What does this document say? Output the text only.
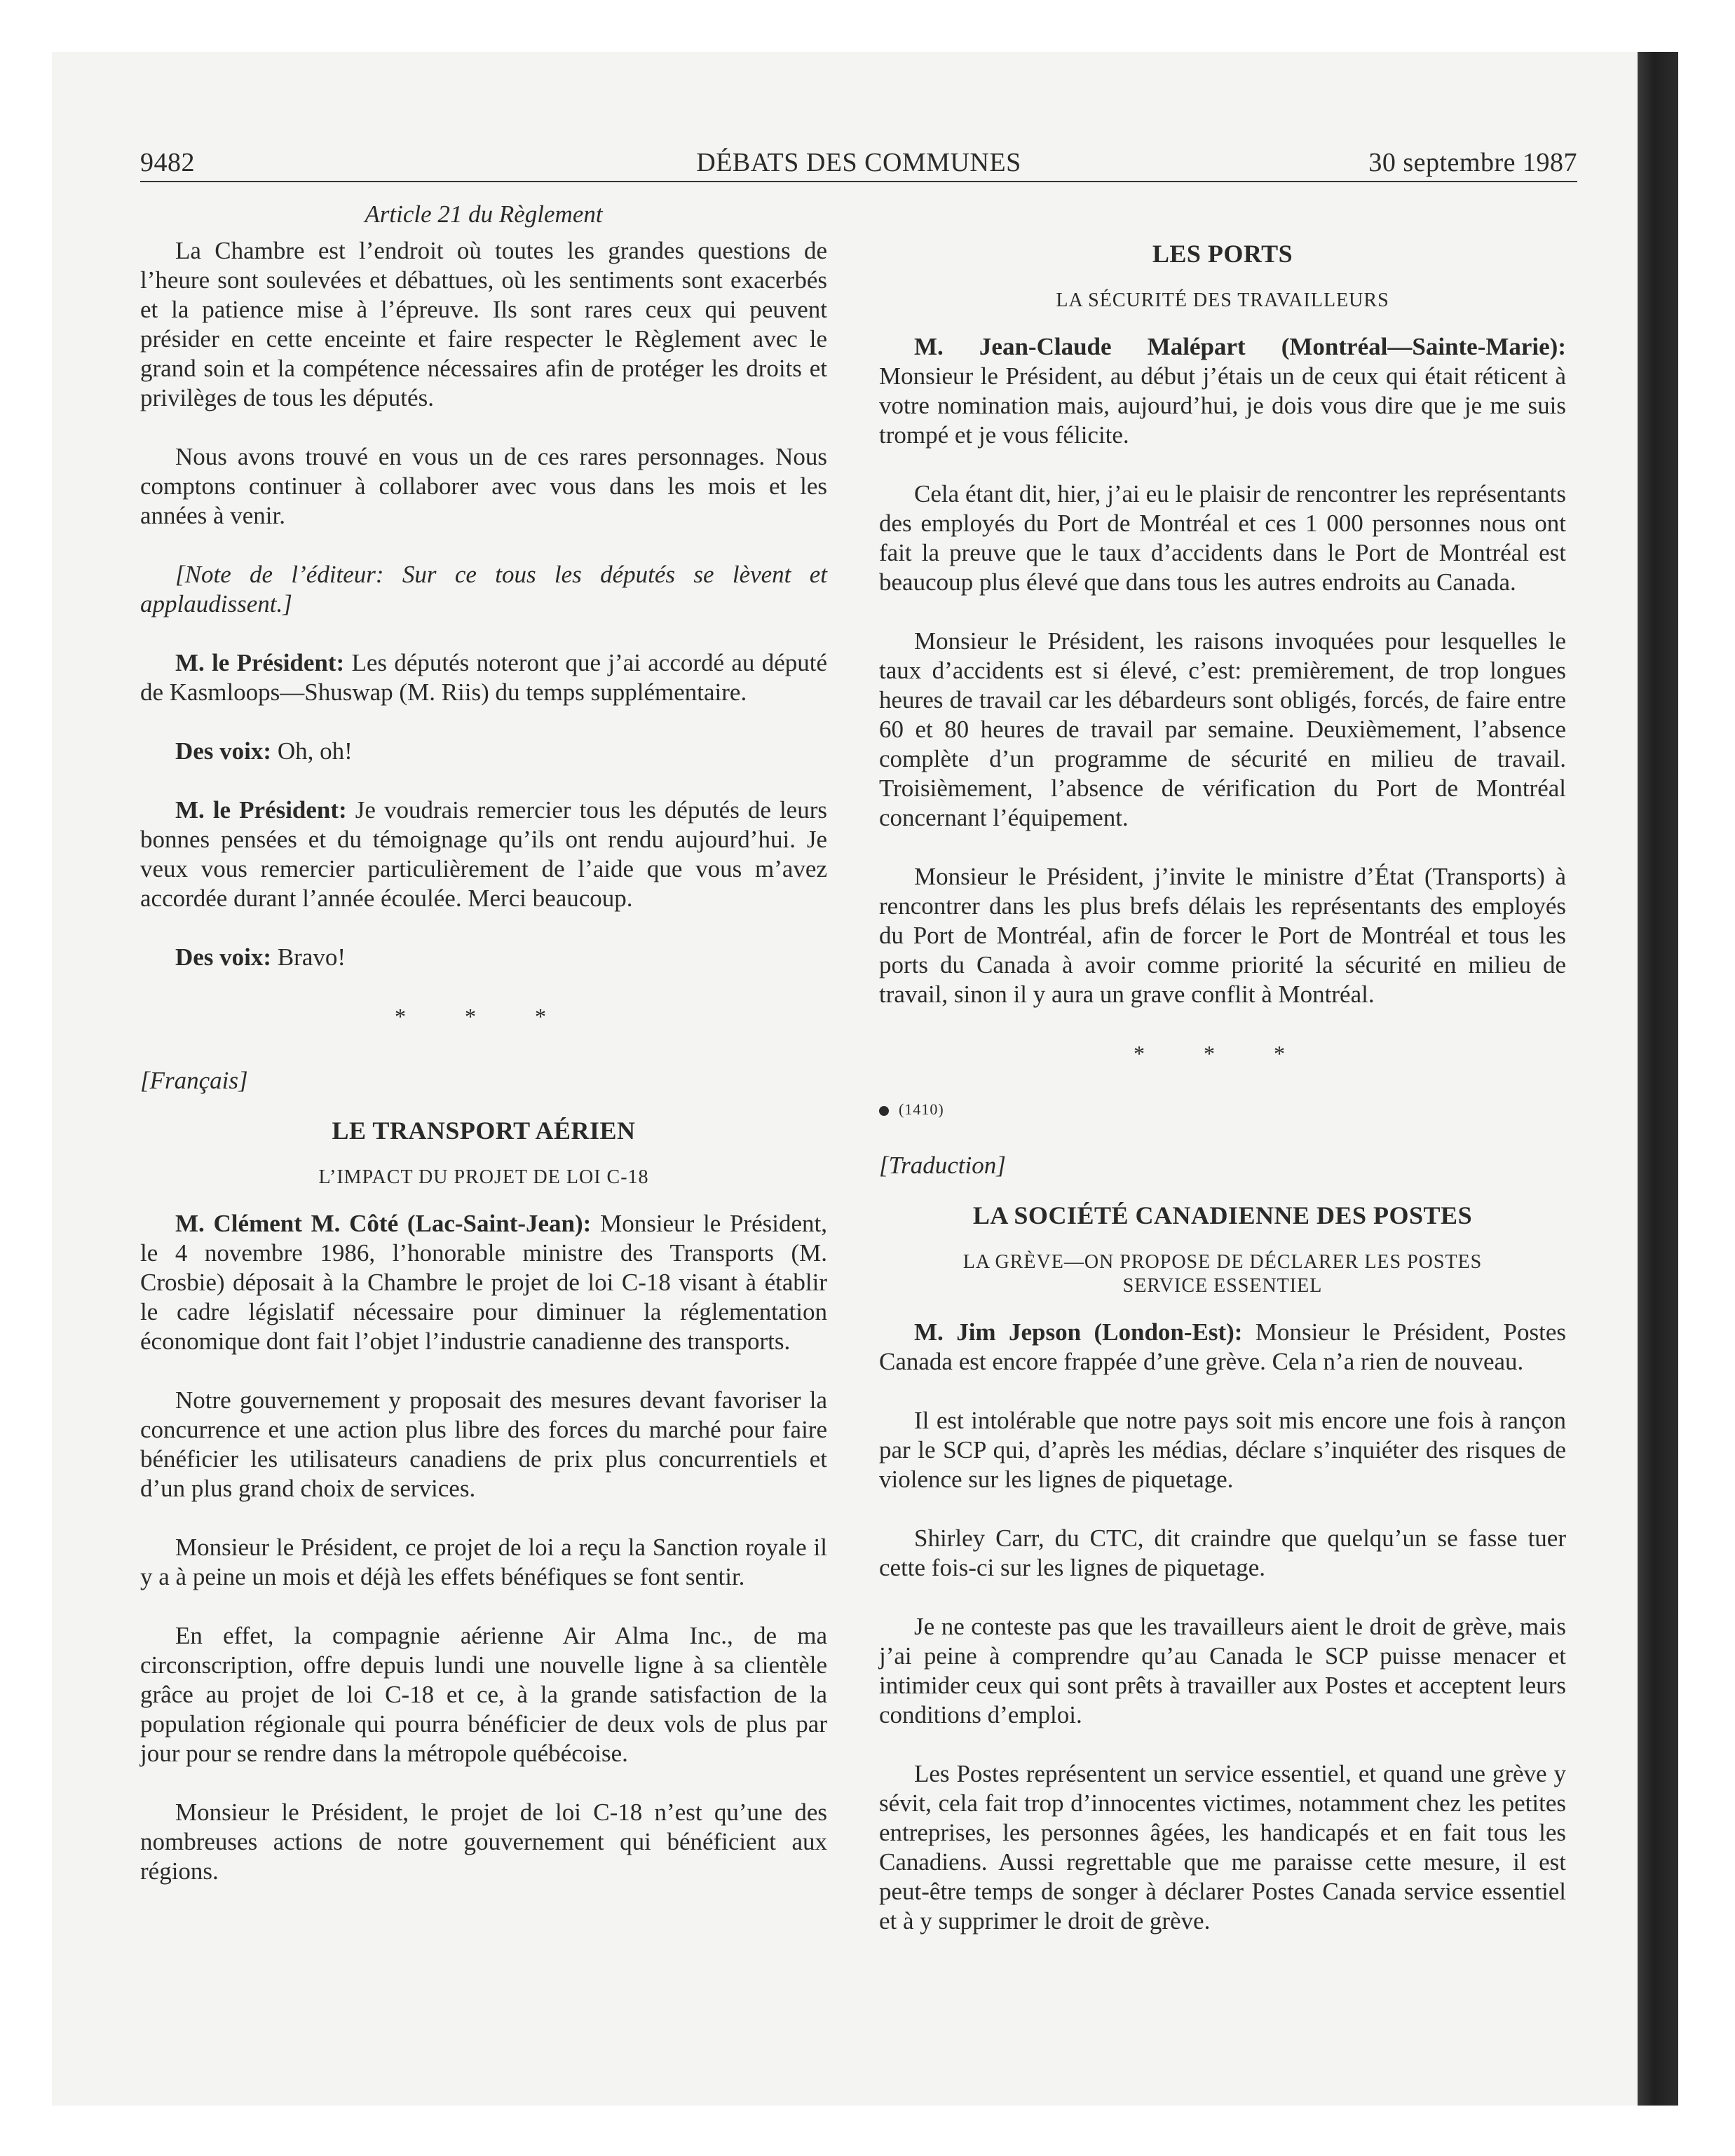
9482	DÉBATS DES COMMUNES	30 septembre 1987
Article 21 du Règlement

La Chambre est l’endroit où toutes les grandes questions de l’heure sont soulevées et débattues, où les sentiments sont exacerbés et la patience mise à l’épreuve. Ils sont rares ceux qui peuvent présider en cette enceinte et faire respecter le Règlement avec le grand soin et la compétence nécessaires afin de protéger les droits et privilèges de tous les députés.

Nous avons trouvé en vous un de ces rares personnages. Nous comptons continuer à collaborer avec vous dans les mois et les années à venir.

[Note de l’éditeur: Sur ce tous les députés se lèvent et applaudissent.]

M. le Président: Les députés noteront que j’ai accordé au député de Kasmloops—Shuswap (M. Riis) du temps supplémentaire.

Des voix: Oh, oh!

M. le Président: Je voudrais remercier tous les députés de leurs bonnes pensées et du témoignage qu’ils ont rendu aujourd’hui. Je veux vous remercier particulièrement de l’aide que vous m’avez accordée durant l’année écoulée. Merci beaucoup.

Des voix: Bravo!

* * *

[Français]

LE TRANSPORT AÉRIEN
L’IMPACT DU PROJET DE LOI C-18

M. Clément M. Côté (Lac-Saint-Jean): Monsieur le Président, le 4 novembre 1986, l’honorable ministre des Transports (M. Crosbie) déposait à la Chambre le projet de loi C-18 visant à établir le cadre législatif nécessaire pour diminuer la réglementation économique dont fait l’objet l’industrie canadienne des transports.

Notre gouvernement y proposait des mesures devant favoriser la concurrence et une action plus libre des forces du marché pour faire bénéficier les utilisateurs canadiens de prix plus concurrentiels et d’un plus grand choix de services.

Monsieur le Président, ce projet de loi a reçu la Sanction royale il y a à peine un mois et déjà les effets bénéfiques se font sentir.

En effet, la compagnie aérienne Air Alma Inc., de ma circonscription, offre depuis lundi une nouvelle ligne à sa clientèle grâce au projet de loi C-18 et ce, à la grande satisfaction de la population régionale qui pourra bénéficier de deux vols de plus par jour pour se rendre dans la métropole québécoise.

Monsieur le Président, le projet de loi C-18 n’est qu’une des nombreuses actions de notre gouvernement qui bénéficient aux régions.

LES PORTS
LA SÉCURITÉ DES TRAVAILLEURS

M. Jean-Claude Malépart (Montréal—Sainte-Marie): Monsieur le Président, au début j’étais un de ceux qui était réticent à votre nomination mais, aujourd’hui, je dois vous dire que je me suis trompé et je vous félicite.

Cela étant dit, hier, j’ai eu le plaisir de rencontrer les représentants des employés du Port de Montréal et ces 1 000 personnes nous ont fait la preuve que le taux d’accidents dans le Port de Montréal est beaucoup plus élevé que dans tous les autres endroits au Canada.

Monsieur le Président, les raisons invoquées pour lesquelles le taux d’accidents est si élevé, c’est: premièrement, de trop longues heures de travail car les débardeurs sont obligés, forcés, de faire entre 60 et 80 heures de travail par semaine. Deuxièmement, l’absence complète d’un programme de sécurité en milieu de travail. Troisièmement, l’absence de vérification du Port de Montréal concernant l’équipement.

Monsieur le Président, j’invite le ministre d’État (Transports) à rencontrer dans les plus brefs délais les représentants des employés du Port de Montréal, afin de forcer le Port de Montréal et tous les ports du Canada à avoir comme priorité la sécurité en milieu de travail, sinon il y aura un grave conflit à Montréal.

* * *
(1410)

[Traduction]

LA SOCIÉTÉ CANADIENNE DES POSTES
LA GRÈVE—ON PROPOSE DE DÉCLARER LES POSTES SERVICE ESSENTIEL

M. Jim Jepson (London-Est): Monsieur le Président, Postes Canada est encore frappée d’une grève. Cela n’a rien de nouveau.

Il est intolérable que notre pays soit mis encore une fois à rançon par le SCP qui, d’après les médias, déclare s’inquiéter des risques de violence sur les lignes de piquetage.

Shirley Carr, du CTC, dit craindre que quelqu’un se fasse tuer cette fois-ci sur les lignes de piquetage.

Je ne conteste pas que les travailleurs aient le droit de grève, mais j’ai peine à comprendre qu’au Canada le SCP puisse menacer et intimider ceux qui sont prêts à travailler aux Postes et acceptent leurs conditions d’emploi.

Les Postes représentent un service essentiel, et quand une grève y sévit, cela fait trop d’innocentes victimes, notamment chez les petites entreprises, les personnes âgées, les handicapés et en fait tous les Canadiens. Aussi regrettable que me paraisse cette mesure, il est peut-être temps de songer à déclarer Postes Canada service essentiel et à y supprimer le droit de grève.
